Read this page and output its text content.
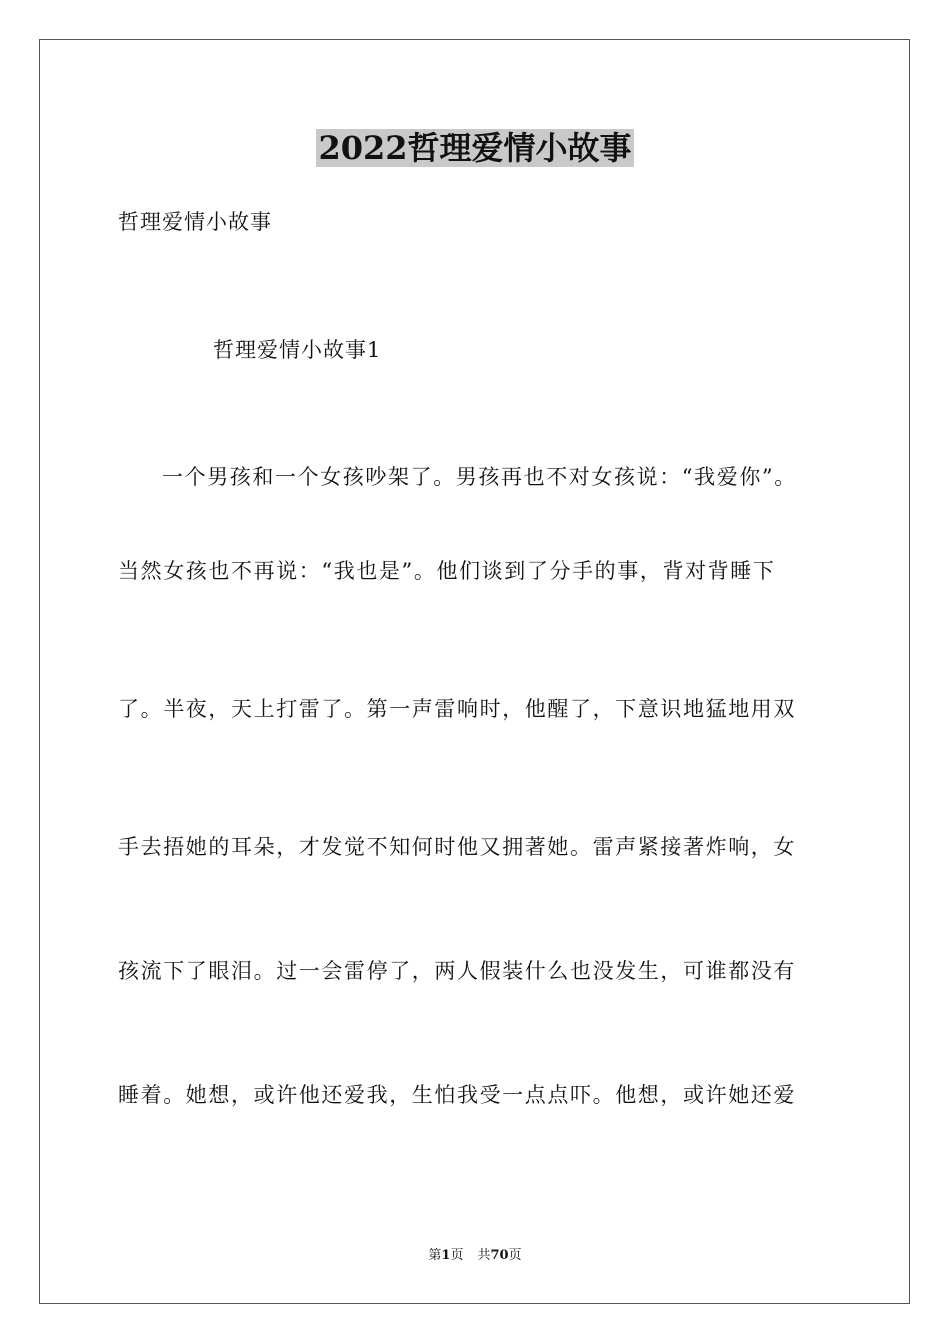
2022哲理爱情小故事
哲理爱情小故事
哲理爱情小故事1
一个男孩和一个女孩吵架了。男孩再也不对女孩说：“我爱你”。
当然女孩也不再说：“我也是”。他们谈到了分手的事，背对背睡下
了。半夜，天上打雷了。第一声雷响时，他醒了，下意识地猛地用双
手去捂她的耳朵，才发觉不知何时他又拥著她。雷声紧接著炸响，女
孩流下了眼泪。过一会雷停了，两人假装什么也没发生，可谁都没有
睡着。她想，或许他还爱我，生怕我受一点点吓。他想，或许她还爱
第1页 共70页
